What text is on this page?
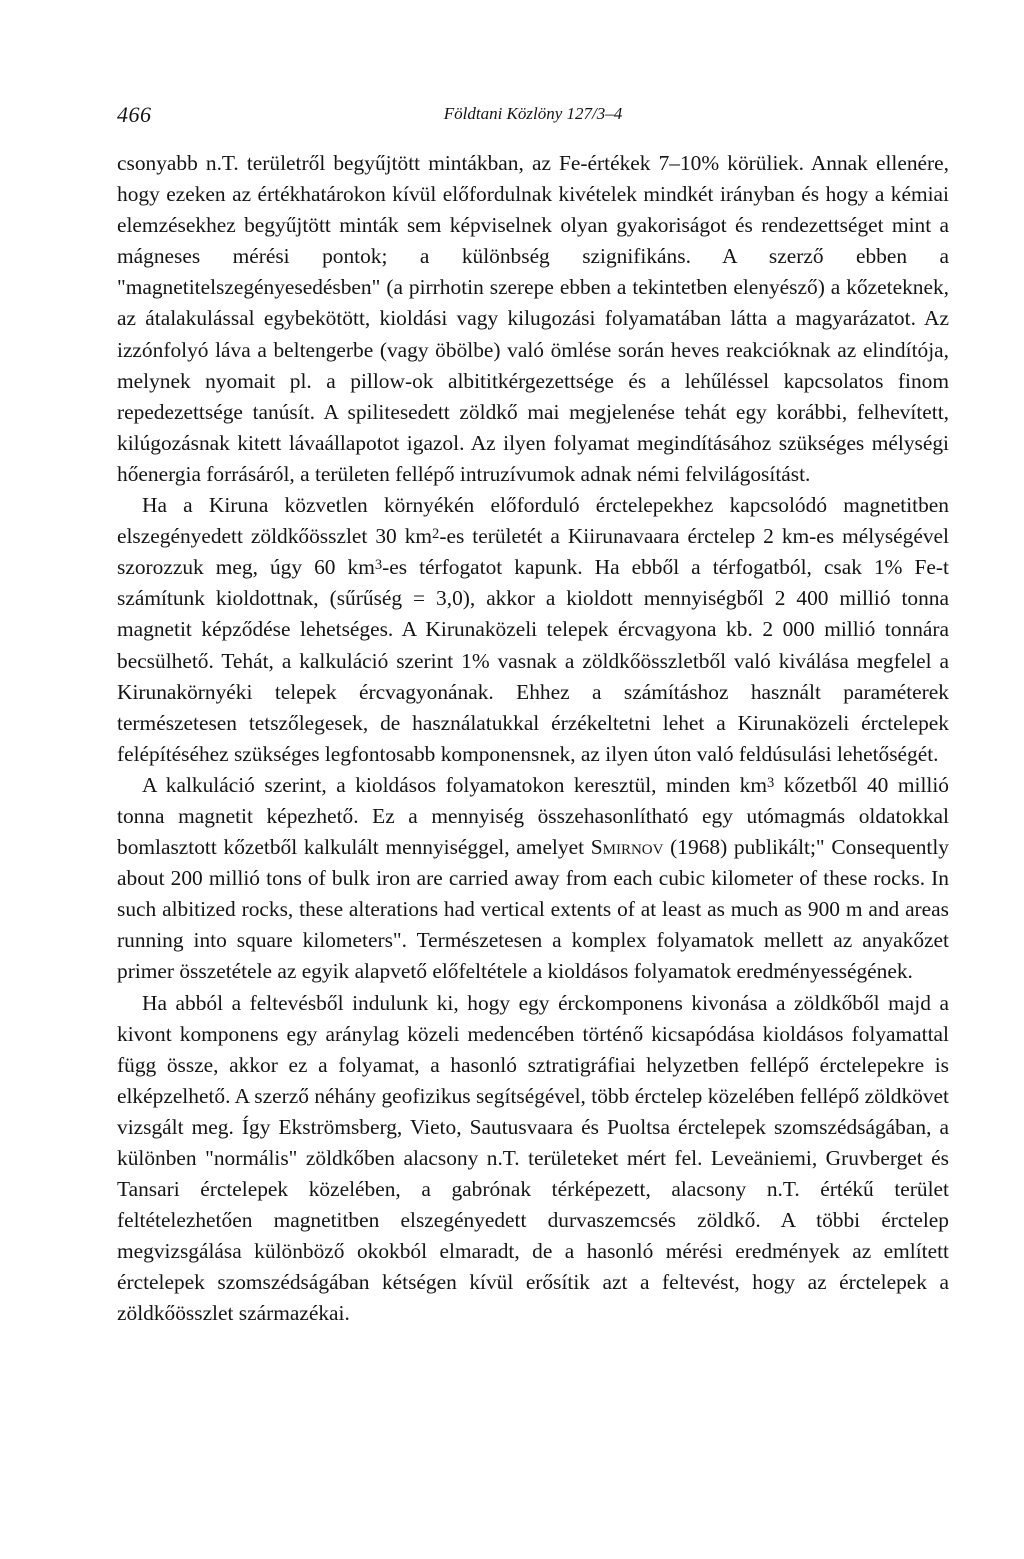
466	Földtani Közlöny 127/3–4

csonyabb n.T. területről begyűjtött mintákban, az Fe-értékek 7–10% körüliek. Annak ellenére, hogy ezeken az értékhatárokon kívül előfordulnak kivételek mindkét irányban és hogy a kémiai elemzésekhez begyűjtött minták sem képviselnek olyan gyakoriságot és rendezettséget mint a mágneses mérési pontok; a különbség szignifikáns. A szerző ebben a "magnetitelszegényesedésben" (a pirrhotin szerepe ebben a tekintetben elenyésző) a kőzeteknek, az átalakulással egybekötött, kioldási vagy kilugozási folyamatában látta a magyarázatot. Az izzónfolyó láva a beltengerbe (vagy öbölbe) való ömlése során heves reakcióknak az elindítója, melynek nyomait pl. a pillow-ok albititkérgezettsége és a lehűléssel kapcsolatos finom repedezettsége tanúsít. A spilitesedett zöldkő mai megjelenése tehát egy korábbi, felhevített, kilúgozásnak kitett lávaállapotot igazol. Az ilyen folyamat megindításához szükséges mélységi hőenergia forrásáról, a területen fellépő intruzívumok adnak némi felvilágosítást.

Ha a Kiruna közvetlen környékén előforduló érctelepekhez kapcsolódó magnetitben elszegényedett zöldkőösszlet 30 $km^2-es$ területét a Kiirunavaara érctelep 2 km-es mélységével szorozzuk meg, úgy 60 $km^3-es$ térfogatot kapunk. Ha ebből a térfogatból, csak 1% Fe-t számítunk kioldottnak, (sűrűség = 3,0), akkor a kioldott mennyiségből 2 400 millió tonna magnetit képződése lehetséges. A Kirunaközeli telepek ércvagyona kb. 2 000 millió tonnára becsülhető. Tehát, a kalkuláció szerint 1% vasnak a zöldkőösszletből való kiválása megfelel a Kirunakörnyéki telepek ércvagyonának. Ehhez a számításhoz használt paraméterek természetesen tetszőlegesek, de használatukkal érzékeltetni lehet a Kirunaközeli érctelepek felépítéséhez szükséges legfontosabb komponensnek, az ilyen úton való feldúsulási lehetőségét.

A kalkuláció szerint, a kioldásos folyamatokon keresztül, minden $km^3$ kőzetből 40 millió tonna magnetit képezhető. Ez a mennyiség összehasonlítható egy utómagmás oldatokkal bomlasztott kőzetből kalkulált mennyiséggel, amelyet Smirnov (1968) publikált;" Consequently about 200 millió tons of bulk iron are carried away from each cubic kilometer of these rocks. In such albitized rocks, these alterations had vertical extents of at least as much as 900 m and areas running into square kilometers". Természetesen a komplex folyamatok mellett az anyakőzet primer összetétele az egyik alapvető előfeltétele a kioldásos folyamatok eredményességének.

Ha abból a feltevésből indulunk ki, hogy egy érckomponens kivonása a zöldkőből majd a kivont komponens egy aránylag közeli medencében történő kicsapódása kioldásos folyamattal függ össze, akkor ez a folyamat, a hasonló sztratigráfiai helyzetben fellépő érctelepekre is elképzelhető. A szerző néhány geofizikus segítségével, több érctelep közelében fellépő zöldkövet vizsgált meg. Így Ekströmsberg, Vieto, Sautusvaara és Puoltsa érctelepek szomszédságában, a különben "normális" zöldkőben alacsony n.T. területeket mért fel. Leveäniemi, Gruvberget és Tansari érctelepek közelében, a gabrónak térképezett, alacsony n.T. értékű terület feltételezhetően magnetitben elszegényedett durvaszemcsés zöldkő. A többi érctelep megvizsgálása különböző okokból elmaradt, de a hasonló mérési eredmények az említett érctelepek szomszédságában kétségen kívül erősítik azt a feltevést, hogy az érctelepek a zöldkőösszlet származékai.
